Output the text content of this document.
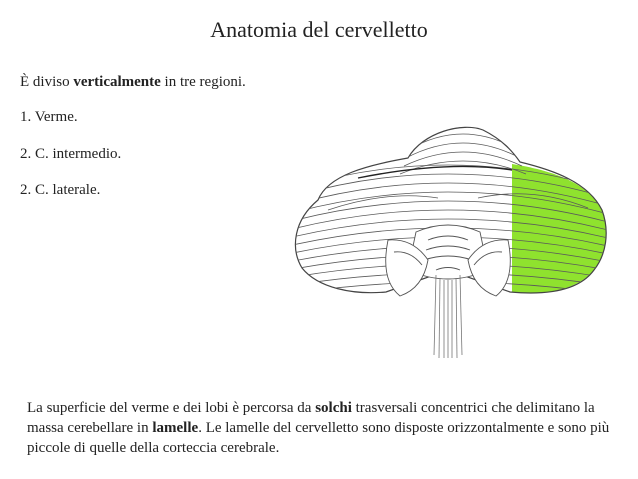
Anatomia del cervelletto
È diviso verticalmente in tre regioni.
1. Verme.
2. C. intermedio.
2. C. laterale.
La superficie del verme e dei lobi è percorsa da solchi trasversali concentrici che delimitano la massa cerebellare in lamelle. Le lamelle del cervelletto sono disposte orizzontalmente e sono più piccole di quelle della corteccia cerebrale.
